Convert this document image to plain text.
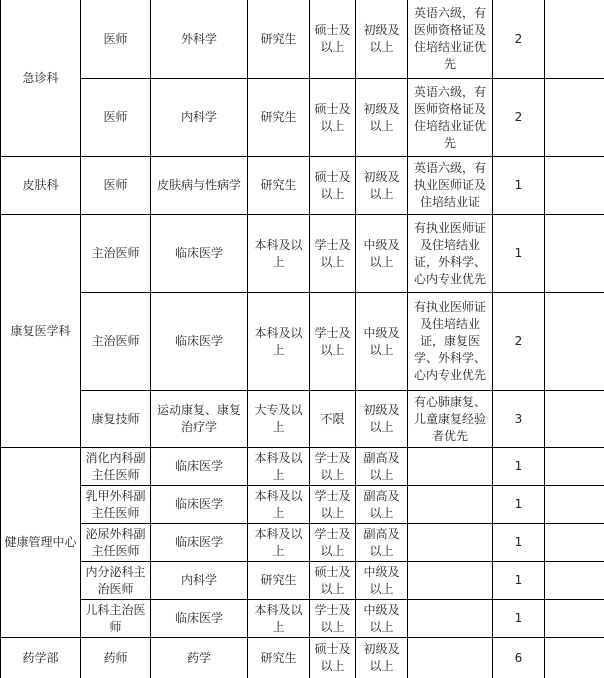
急诊科	医师	外科学	研究生	硕士及以上	初级及以上	英语六级，有医师资格证及住培结业证优先	2	
	医师	内科学	研究生	硕士及以上	初级及以上	英语六级，有医师资格证及住培结业证优先	2	
皮肤科	医师	皮肤病与性病学	研究生	硕士及以上	初级及以上	英语六级，有执业医师证及住培结业证	1	
康复医学科	主治医师	临床医学	本科及以上	学士及以上	中级及以上	有执业医师证及住培结业证，外科学、心内专业优先	1	
	主治医师	临床医学	本科及以上	学士及以上	中级及以上	有执业医师证及住培结业证，康复医学、外科学、心内专业优先	2	
	康复技师	运动康复、康复治疗学	大专及以上	不限	初级及以上	有心肺康复、儿童康复经验者优先	3	
健康管理中心	消化内科副主任医师	临床医学	本科及以上	学士及以上	副高及以上		1	
	乳甲外科副主任医师	临床医学	本科及以上	学士及以上	副高及以上		1	
	泌尿外科副主任医师	临床医学	本科及以上	学士及以上	副高及以上		1	
	内分泌科主治医师	内科学	研究生	硕士及以上	中级及以上		1	
	儿科主治医师	临床医学	本科及以上	学士及以上	中级及以上		1	
药学部	药师	药学	研究生	硕士及以上	初级及以上		6	
